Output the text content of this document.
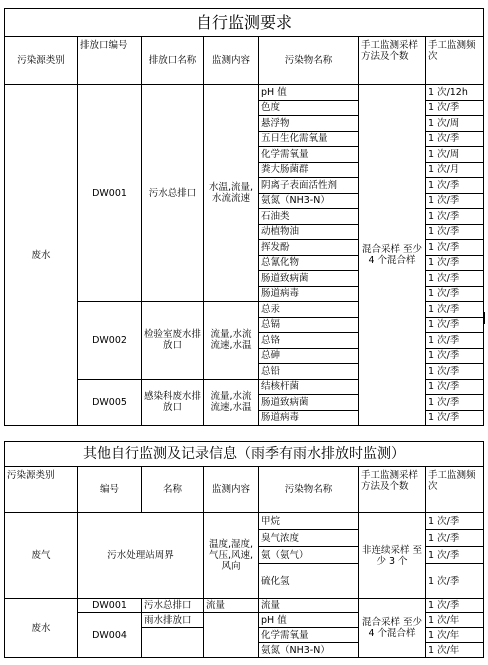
自行监测要求						
污染源类别	排放口编号	排放口名称	监测内容	污染物名称	手工监测采样方法及个数	手工监测频次
废水	DW001	污水总排口	水温,流量,水流流速	pH 值	混合采样 至少 4 个混合样	1 次/12h
				色度		1 次/季
				悬浮物		1 次/周
				五日生化需氧量		1 次/季
				化学需氧量		1 次/周
				粪大肠菌群		1 次/月
				阴离子表面活性剂		1 次/季
				氨氮（NH3-N）		1 次/季
				石油类		1 次/季
				动植物油		1 次/季
				挥发酚		1 次/季
				总氰化物		1 次/季
				肠道致病菌		1 次/季
				肠道病毒		1 次/季
	DW002	检验室废水排放口	流量,水流流速,水温	总汞		1 次/季
				总镉		1 次/季
				总铬		1 次/季
				总砷		1 次/季
				总铅		1 次/季
	DW005	感染科废水排放口	流量,水流流速,水温	结核杆菌		1 次/季
				肠道致病菌		1 次/季
				肠道病毒		1 次/季
其他自行监测及记录信息（雨季有雨水排放时监测）						
污染源类别	编号	名称	监测内容	污染物名称	手工监测采样方法及个数	手工监测频次
废气	污水处理站周界		温度,湿度,气压,风速,风向	甲烷	非连续采样 至少 3 个	1 次/季
				臭气浓度		1 次/季
				氨（氨气）		1 次/季
				硫化氢		1 次/季
废水	DW001	污水总排口	流量	流量	混合采样 至少 4 个混合样	1 次/季
	DW004	雨水排放口		pH 值		1 次/年
				化学需氧量		1 次/年
				氨氮（NH3-N）		1 次/年
